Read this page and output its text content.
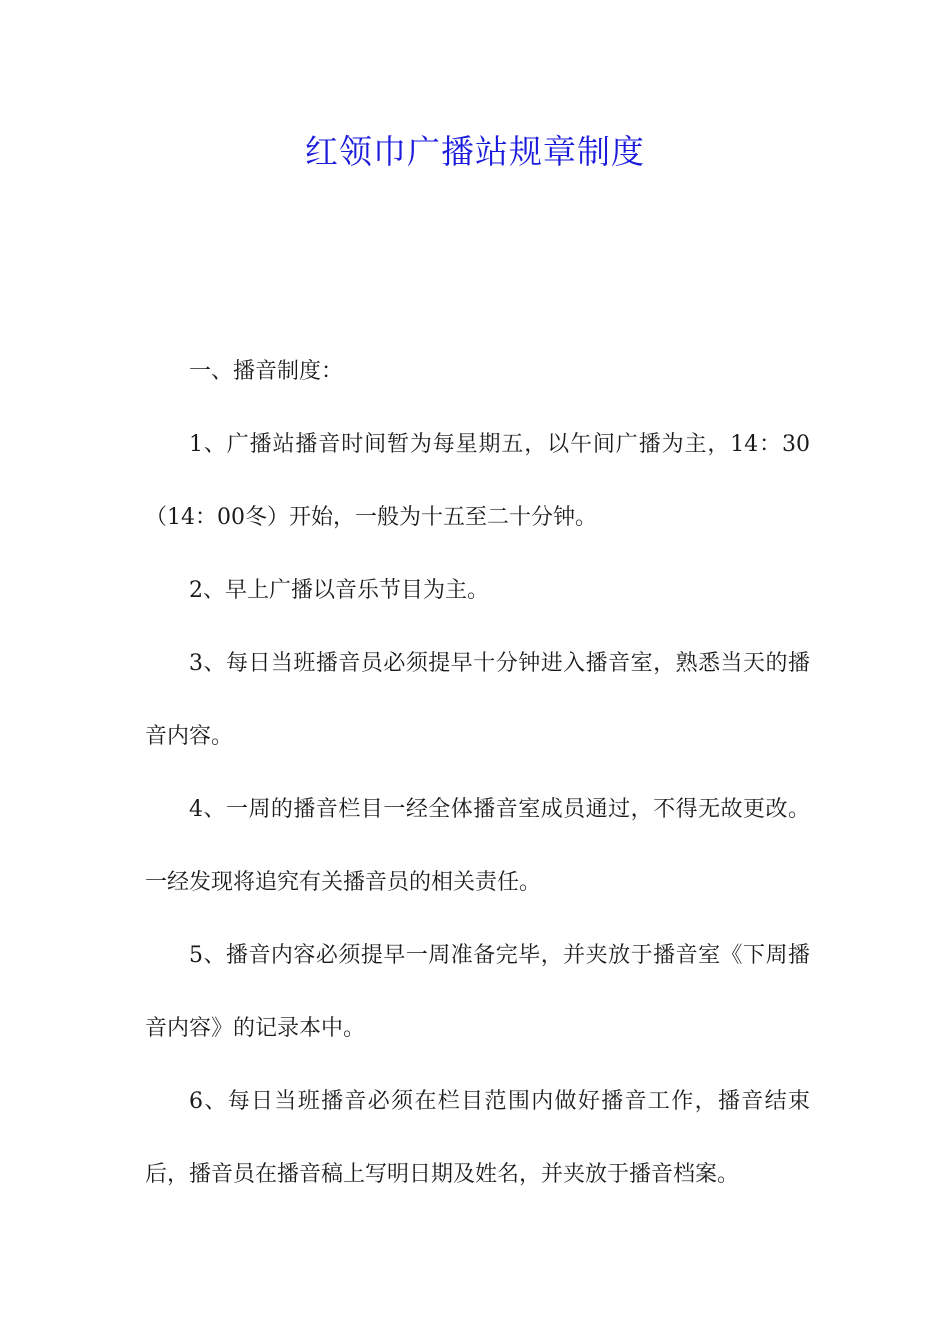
红领巾广播站规章制度

一、播音制度：

1、广播站播音时间暂为每星期五，以午间广播为主，14：30（14：00冬）开始，一般为十五至二十分钟。

2、早上广播以音乐节目为主。

3、每日当班播音员必须提早十分钟进入播音室，熟悉当天的播音内容。

4、一周的播音栏目一经全体播音室成员通过，不得无故更改。一经发现将追究有关播音员的相关责任。

5、播音内容必须提早一周准备完毕，并夹放于播音室《下周播音内容》的记录本中。

6、每日当班播音必须在栏目范围内做好播音工作，播音结束后，播音员在播音稿上写明日期及姓名，并夹放于播音档案。
